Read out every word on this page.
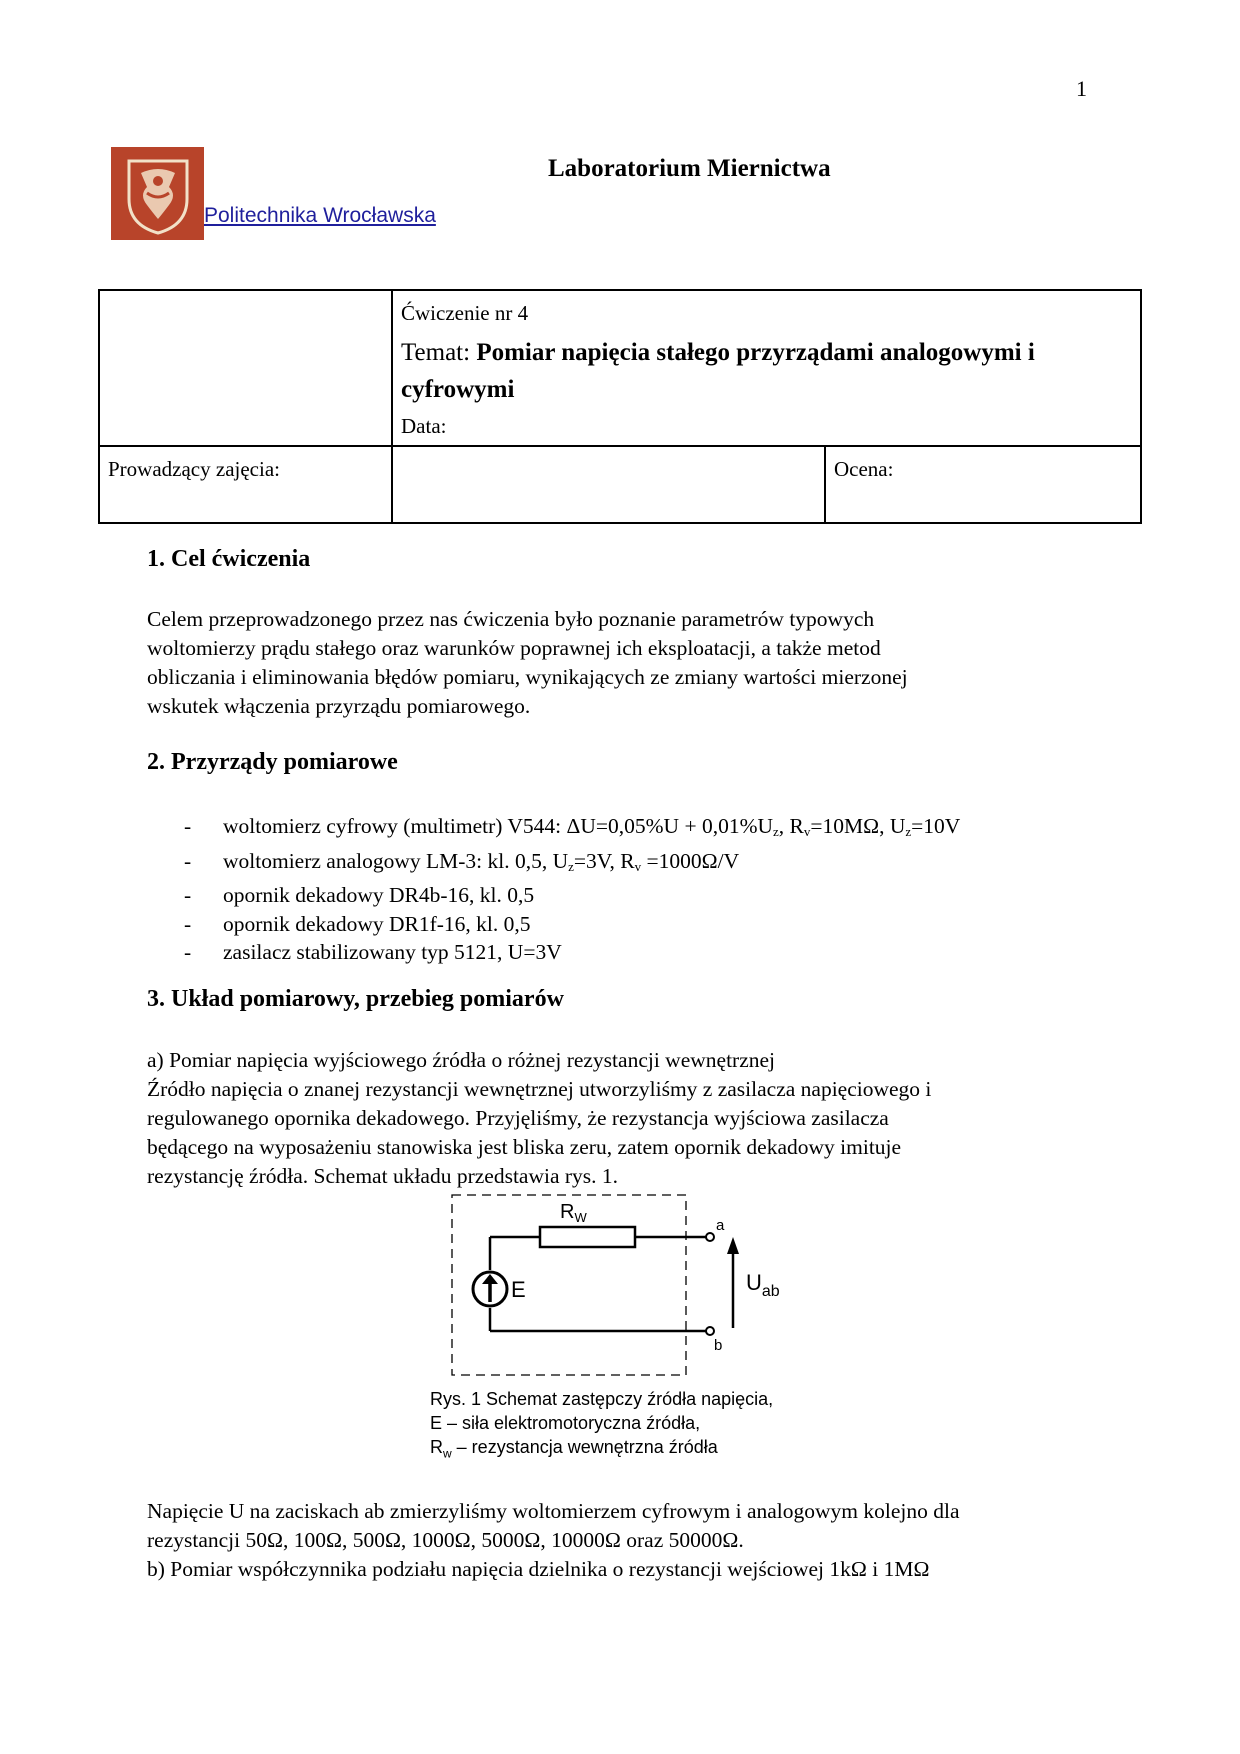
1
Politechnika Wrocławska
Laboratorium Miernictwa

	Ćwiczenie nr 4
Temat: Pomiar napięcia stałego przyrządami analogowymi i cyfrowymi
Data:	

Prowadzący zajęcia:		Ocena:
1. Cel ćwiczenia
Celem przeprowadzonego przez nas ćwiczenia było poznanie parametrów typowych
woltomierzy prądu stałego oraz warunków poprawnej ich eksploatacji, a także metod
obliczania i eliminowania błędów pomiaru, wynikających ze zmiany wartości mierzonej
wskutek włączenia przyrządu pomiarowego.
2. Przyrządy pomiarowe
- woltomierz cyfrowy (multimetr) V544: $\Delta U=0,05\%U + 0,01\%U_z$, $R_v=10M\Omega$, $U_z=10V$
- woltomierz analogowy LM-3: kl. 0,5, $U_z=3V$, $R_v =1000\Omega/V$
- opornik dekadowy DR4b-16, kl. 0,5
- opornik dekadowy DR1f-16, kl. 0,5
- zasilacz stabilizowany typ 5121, U=3V
3. Układ pomiarowy, przebieg pomiarów
a) Pomiar napięcia wyjściowego źródła o różnej rezystancji wewnętrznej
Źródło napięcia o znanej rezystancji wewnętrznej utworzyliśmy z zasilacza napięciowego i
regulowanego opornika dekadowego. Przyjęliśmy, że rezystancja wyjściowa zasilacza
będącego na wyposażeniu stanowiska jest bliska zeru, zatem opornik dekadowy imituje
rezystancję źródła. Schemat układu przedstawia rys. 1.
$R_W$
E	$U_{ab}$
a
b
Rys. 1 Schemat zastępczy źródła napięcia,
E – siła elektromotoryczna źródła,
$R_w$ – rezystancja wewnętrzna źródła
Napięcie U na zaciskach ab zmierzyliśmy woltomierzem cyfrowym i analogowym kolejno dla
rezystancji 50Ω, 100Ω, 500Ω, 1000Ω, 5000Ω, 10000Ω oraz 50000Ω.
b) Pomiar współczynnika podziału napięcia dzielnika o rezystancji wejściowej 1kΩ i 1MΩ
